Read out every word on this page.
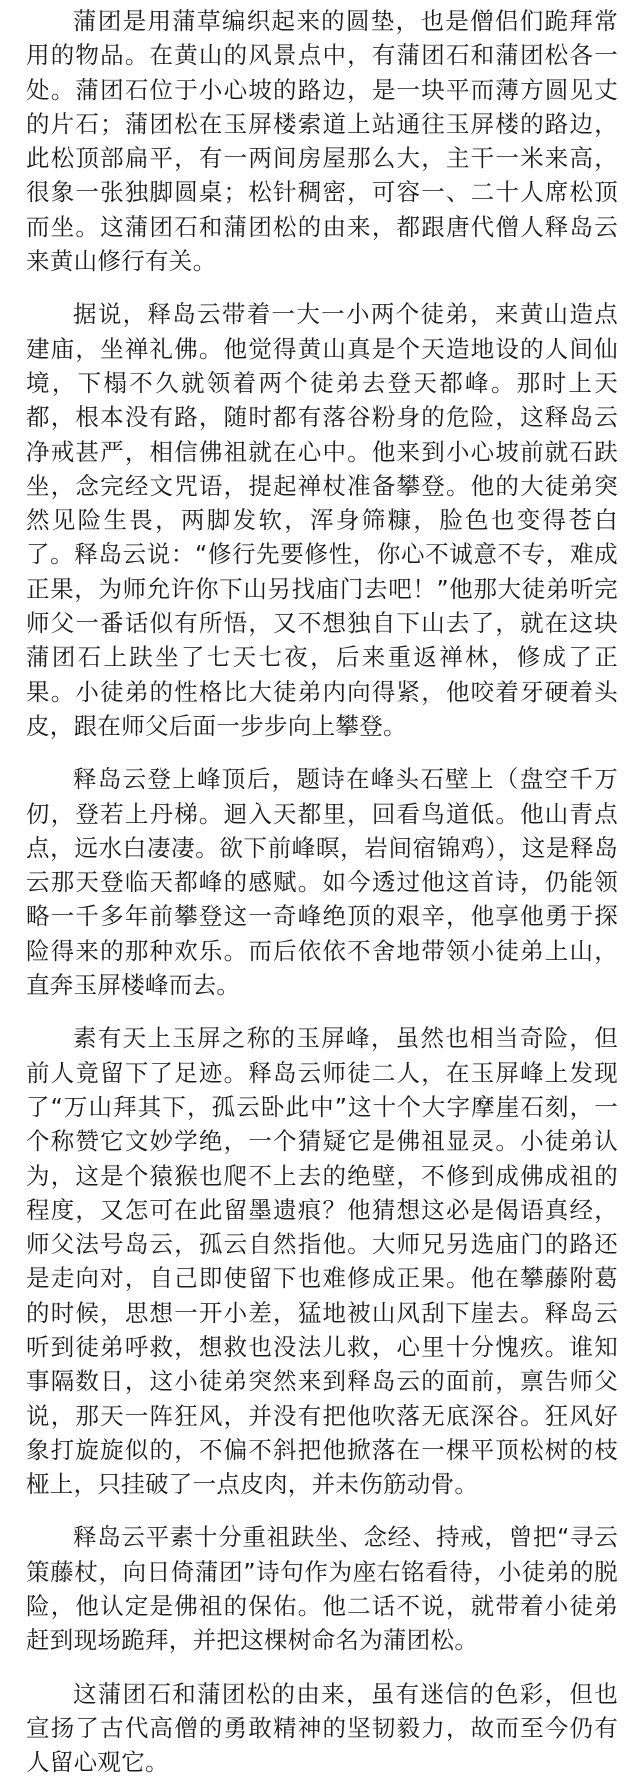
蒲团是用蒲草编织起来的圆垫，也是僧侣们跪拜常用的物品。在黄山的风景点中，有蒲团石和蒲团松各一处。蒲团石位于小心坡的路边，是一块平而薄方圆见丈的片石；蒲团松在玉屏楼索道上站通往玉屏楼的路边，此松顶部扁平，有一两间房屋那么大，主干一米来高，很象一张独脚圆桌；松针稠密，可容一、二十人席松顶而坐。这蒲团石和蒲团松的由来，都跟唐代僧人释岛云来黄山修行有关。

据说，释岛云带着一大一小两个徒弟，来黄山造点建庙，坐禅礼佛。他觉得黄山真是个天造地设的人间仙境，下榻不久就领着两个徒弟去登天都峰。那时上天都，根本没有路，随时都有落谷粉身的危险，这释岛云净戒甚严，相信佛祖就在心中。他来到小心坡前就石趺坐，念完经文咒语，提起禅杖准备攀登。他的大徒弟突然见险生畏，两脚发软，浑身筛糠，脸色也变得苍白了。释岛云说：“修行先要修性，你心不诚意不专，难成正果，为师允许你下山另找庙门去吧！”他那大徒弟听完师父一番话似有所悟，又不想独自下山去了，就在这块蒲团石上趺坐了七天七夜，后来重返禅林，修成了正果。小徒弟的性格比大徒弟内向得紧，他咬着牙硬着头皮，跟在师父后面一步步向上攀登。

释岛云登上峰顶后，题诗在峰头石壁上（盘空千万仞，登若上丹梯。迴入天都里，回看鸟道低。他山青点点，远水白凄凄。欲下前峰暝，岩间宿锦鸡），这是释岛云那天登临天都峰的感赋。如今透过他这首诗，仍能领略一千多年前攀登这一奇峰绝顶的艰辛，他享他勇于探险得来的那种欢乐。而后依依不舍地带领小徒弟上山，直奔玉屏楼峰而去。

素有天上玉屏之称的玉屏峰，虽然也相当奇险，但前人竟留下了足迹。释岛云师徒二人，在玉屏峰上发现了“万山拜其下，孤云卧此中”这十个大字摩崖石刻，一个称赞它文妙学绝，一个猜疑它是佛祖显灵。小徒弟认为，这是个猿猴也爬不上去的绝壁，不修到成佛成祖的程度，又怎可在此留墨遗痕？他猜想这必是偈语真经，师父法号岛云，孤云自然指他。大师兄另选庙门的路还是走向对，自己即使留下也难修成正果。他在攀藤附葛的时候，思想一开小差，猛地被山风刮下崖去。释岛云听到徒弟呼救，想救也没法儿救，心里十分愧疚。谁知事隔数日，这小徒弟突然来到释岛云的面前，禀告师父说，那天一阵狂风，并没有把他吹落无底深谷。狂风好象打旋旋似的，不偏不斜把他掀落在一棵平顶松树的枝桠上，只挂破了一点皮肉，并未伤筋动骨。

释岛云平素十分重祖趺坐、念经、持戒，曾把“寻云策藤杖，向日倚蒲团”诗句作为座右铭看待，小徒弟的脱险，他认定是佛祖的保佑。他二话不说，就带着小徒弟赶到现场跪拜，并把这棵树命名为蒲团松。

这蒲团石和蒲团松的由来，虽有迷信的色彩，但也宣扬了古代高僧的勇敢精神的坚韧毅力，故而至今仍有人留心观它。
